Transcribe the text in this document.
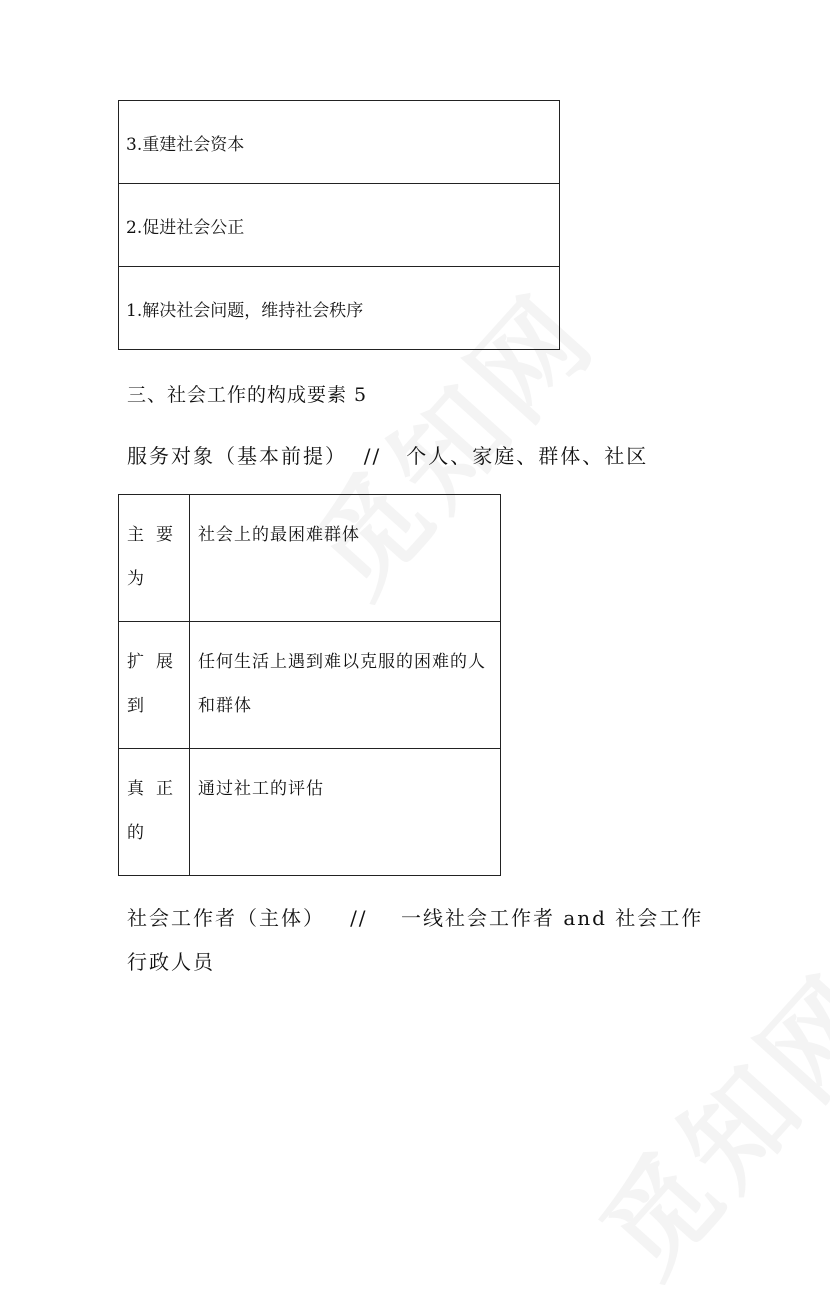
3.重建社会资本
2.促进社会公正
1.解决社会问题，维持社会秩序
三、社会工作的构成要素 5
服务对象（基本前提）  //   个人、家庭、群体、社区
主要为	社会上的最困难群体
扩展到	任何生活上遇到难以克服的困难的人和群体
真正的	通过社工的评估
社会工作者（主体）   //    一线社会工作者 and 社会工作行政人员
